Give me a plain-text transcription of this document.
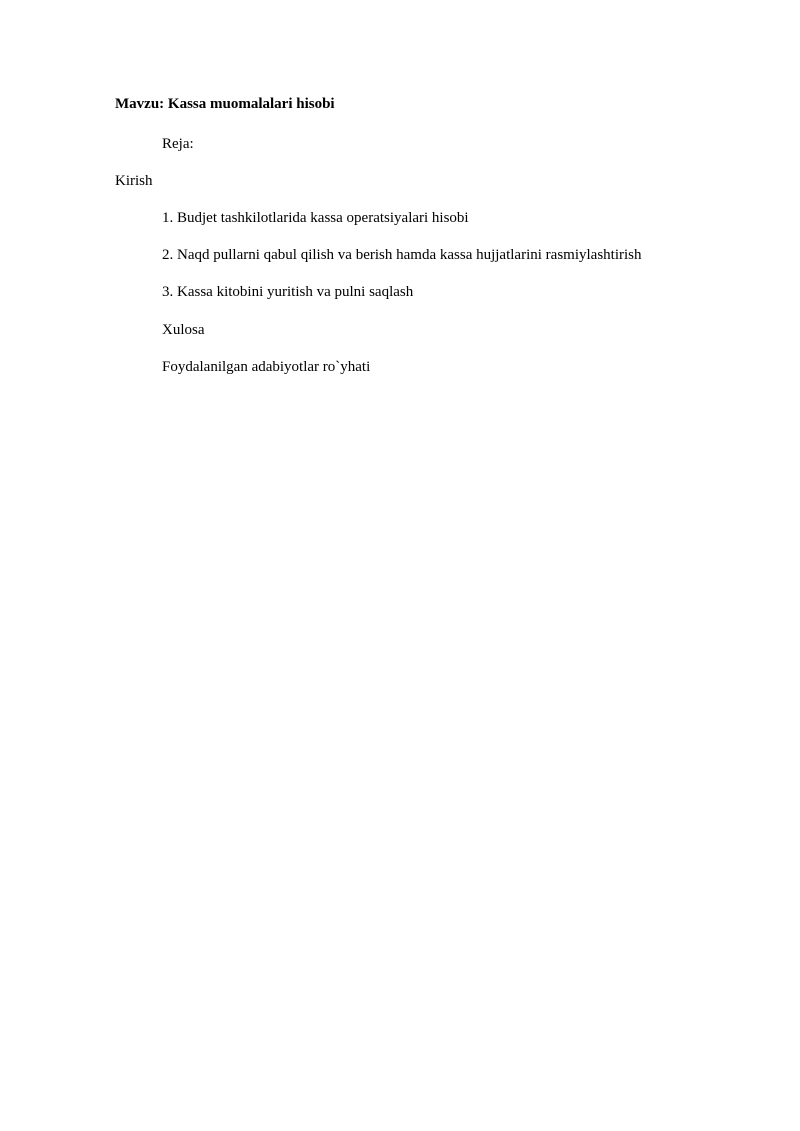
Mavzu: Kassa muomalalari hisobi
Reja:
Kirish
1. Budjet tashkilotlarida kassa operatsiyalari hisobi
2. Naqd pullarni qabul qilish va berish hamda kassa hujjatlarini rasmiylashtirish
3. Kassa kitobini yuritish va pulni saqlash
Xulosa
Foydalanilgan adabiyotlar ro`yhati
